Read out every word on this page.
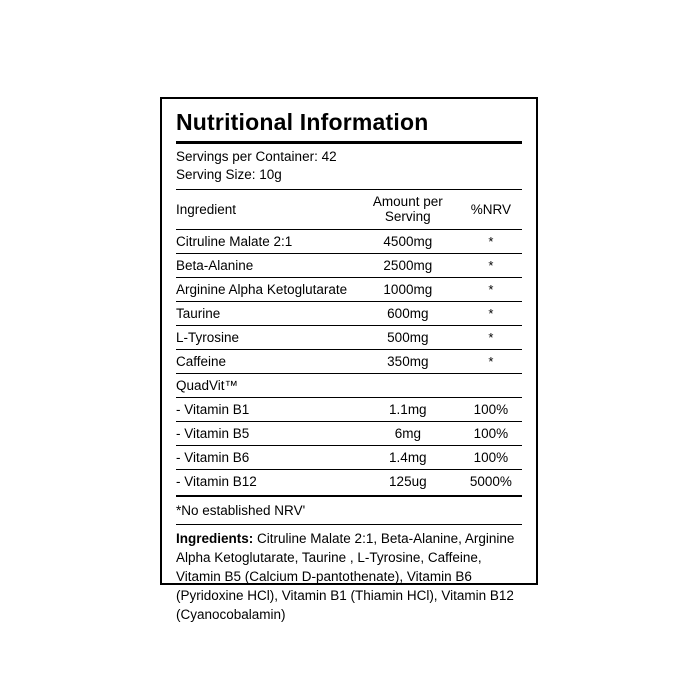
Nutritional Information
Servings per Container: 42
Serving Size: 10g
Ingredient	Amount per Serving	%NRV
Citruline Malate 2:1	4500mg	*
Beta-Alanine	2500mg	*
Arginine Alpha Ketoglutarate	1000mg	*
Taurine	600mg	*
L-Tyrosine	500mg	*
Caffeine	350mg	*
QuadVit™		
- Vitamin B1	1.1mg	100%
- Vitamin B5	6mg	100%
- Vitamin B6	1.4mg	100%
- Vitamin B12	125ug	5000%
*No established NRV'
Ingredients: Citruline Malate 2:1, Beta-Alanine, Arginine Alpha Ketoglutarate, Taurine , L-Tyrosine, Caffeine, Vitamin B5 (Calcium D-pantothenate), Vitamin B6 (Pyridoxine HCl), Vitamin B1 (Thiamin HCl), Vitamin B12 (Cyanocobalamin)
